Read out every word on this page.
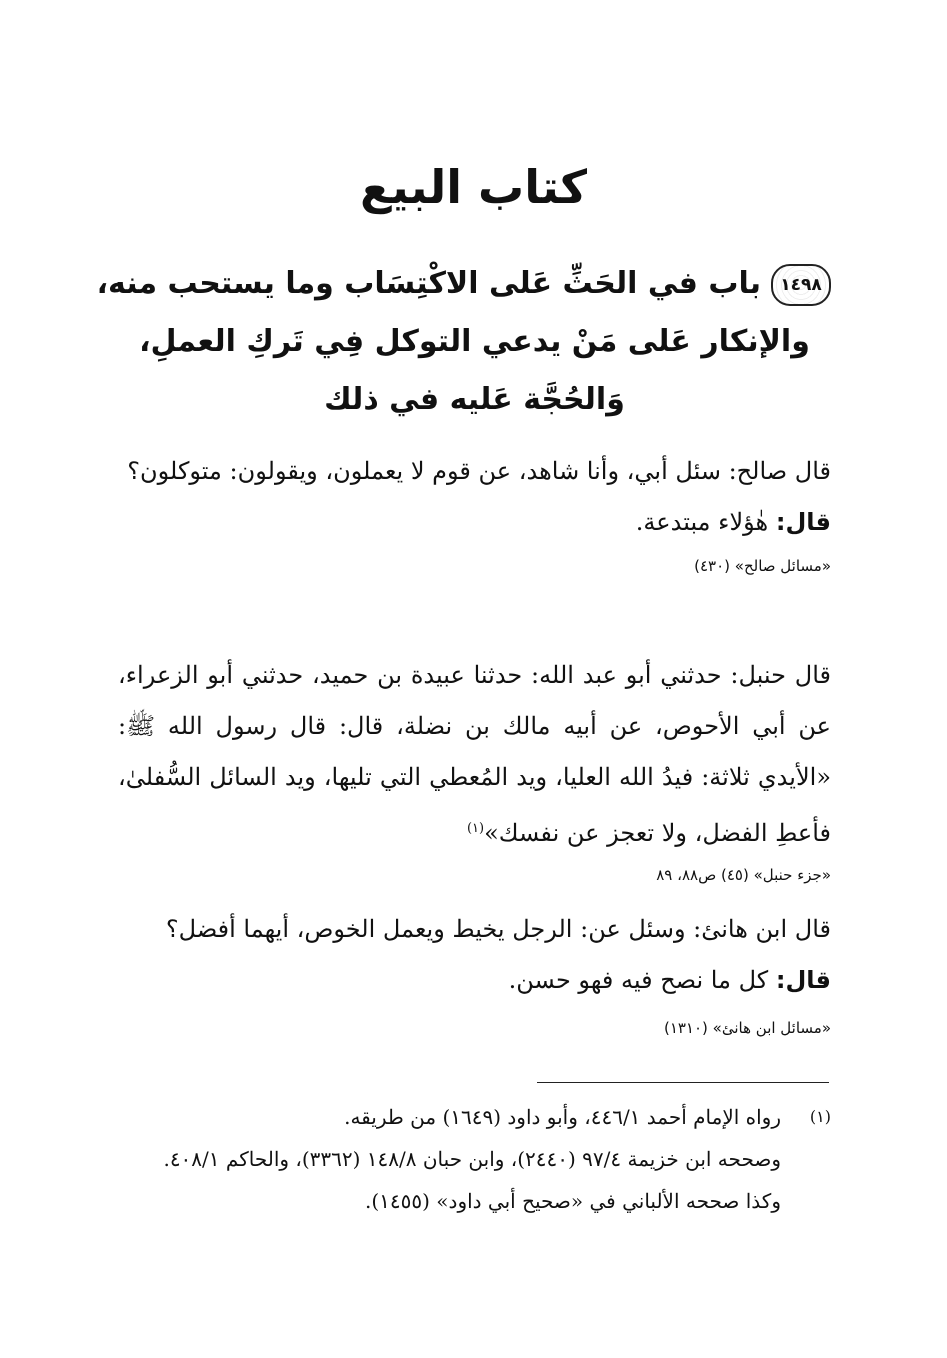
كتاب البيع
١٤٩٨باب في الحَثِّ عَلى الاكْتِسَاب وما يستحب منه،
والإنكار عَلى مَنْ يدعي التوكل فِي تَركِ العملِ،
وَالحُجَّة عَليه في ذلك

قال صالح: سئل أبي، وأنا شاهد، عن قوم لا يعملون، ويقولون: متوكلون؟

قال: هٰؤلاء مبتدعة.

«مسائل صالح» (٤٣٠)

قال حنبل: حدثني أبو عبد الله: حدثنا عبيدة بن حميد، حدثني أبو الزعراء، عن أبي الأحوص، عن أبيه مالك بن نضلة، قال: قال رسول الله ﷺ: «الأيدي ثلاثة: فيدُ الله العليا، ويد المُعطي التي تليها، ويد السائل السُّفلىٰ، فأعطِ الفضل، ولا تعجز عن نفسك»$^{(١)}$

«جزء حنبل» (٤٥) ص٨٨، ٨٩

قال ابن هانئ: وسئل عن: الرجل يخيط ويعمل الخوص، أيهما أفضل؟

قال: كل ما نصح فيه فهو حسن.

«مسائل ابن هانئ» (١٣١٠)

(١)

رواه الإمام أحمد ٤٤٦/١، وأبو داود (١٦٤٩) من طريقه.

وصححه ابن خزيمة ٩٧/٤ (٢٤٤٠)، وابن حبان ١٤٨/٨ (٣٣٦٢)، والحاكم ٤٠٨/١.

وكذا صححه الألباني في «صحيح أبي داود» (١٤٥٥).
